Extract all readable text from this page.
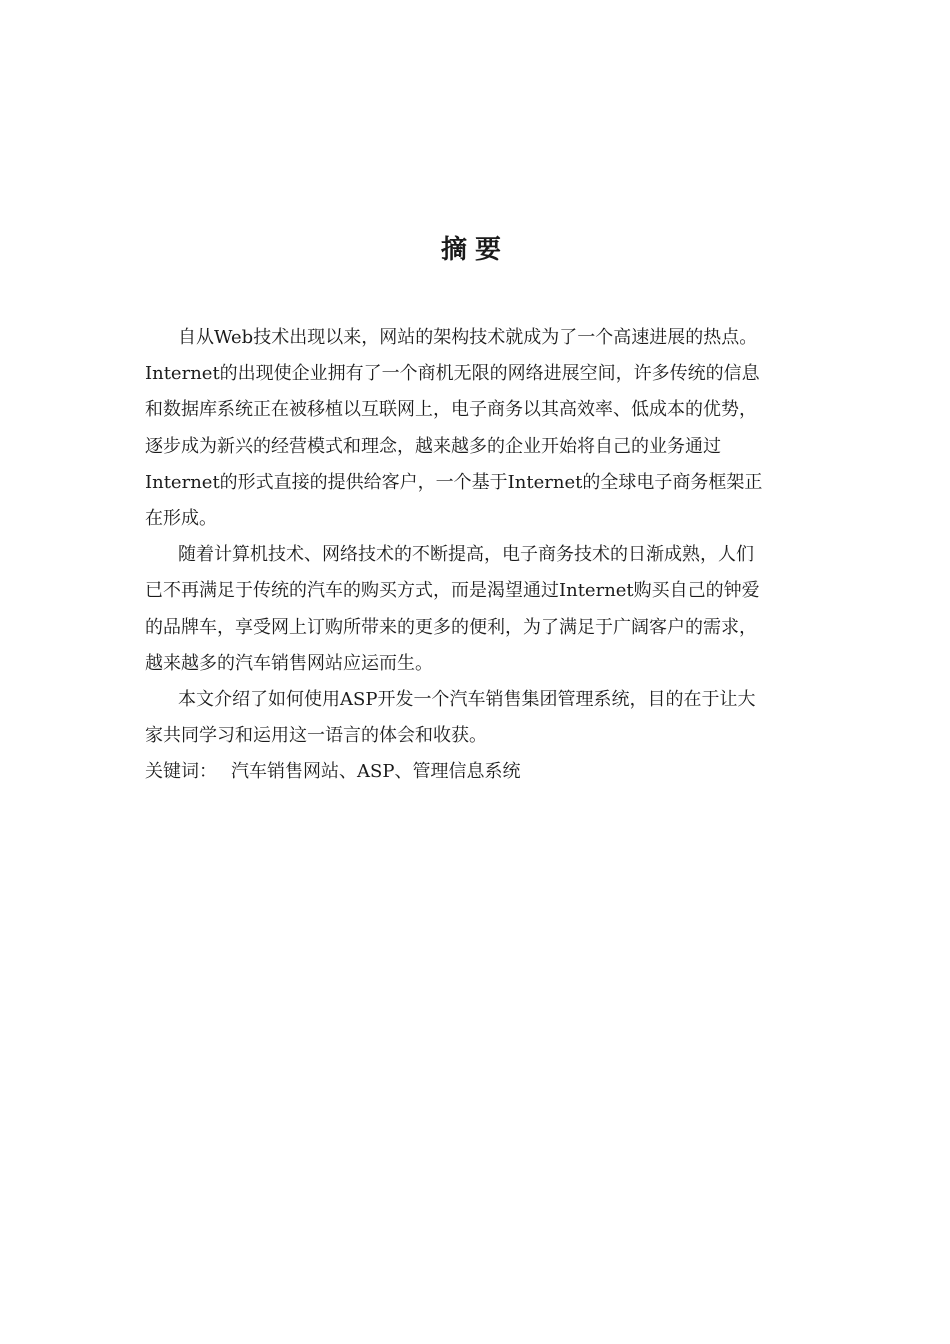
摘要
自从Web技术出现以来，网站的架构技术就成为了一个高速进展的热点。
Internet的出现使企业拥有了一个商机无限的网络进展空间，许多传统的信息
和数据库系统正在被移植以互联网上，电子商务以其高效率、低成本的优势，
逐步成为新兴的经营模式和理念，越来越多的企业开始将自己的业务通过
Internet的形式直接的提供给客户，一个基于Internet的全球电子商务框架正
在形成。
随着计算机技术、网络技术的不断提高，电子商务技术的日渐成熟，人们
已不再满足于传统的汽车的购买方式，而是渴望通过Internet购买自己的钟爱
的品牌车，享受网上订购所带来的更多的便利，为了满足于广阔客户的需求，
越来越多的汽车销售网站应运而生。
本文介绍了如何使用ASP开发一个汽车销售集团管理系统，目的在于让大
家共同学习和运用这一语言的体会和收获。
关键词： 汽车销售网站、ASP、管理信息系统
